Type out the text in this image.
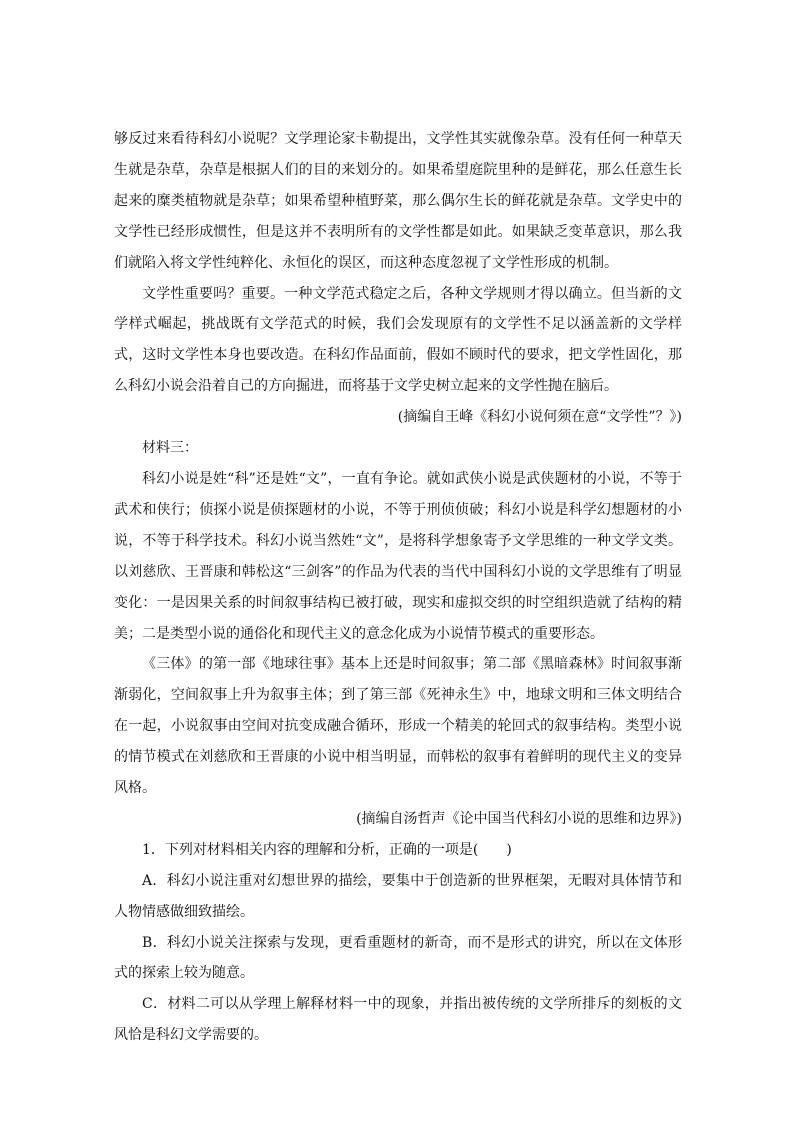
够反过来看待科幻小说呢？文学理论家卡勒提出，文学性其实就像杂草。没有任何一种草天生就是杂草，杂草是根据人们的目的来划分的。如果希望庭院里种的是鲜花，那么任意生长起来的糜类植物就是杂草；如果希望种植野菜，那么偶尔生长的鲜花就是杂草。文学史中的文学性已经形成惯性，但是这并不表明所有的文学性都是如此。如果缺乏变革意识，那么我们就陷入将文学性纯粹化、永恒化的误区，而这种态度忽视了文学性形成的机制。

文学性重要吗？重要。一种文学范式稳定之后，各种文学规则才得以确立。但当新的文学样式崛起，挑战既有文学范式的时候，我们会发现原有的文学性不足以涵盖新的文学样式，这时文学性本身也要改造。在科幻作品面前，假如不顾时代的要求，把文学性固化，那么科幻小说会沿着自己的方向掘进，而将基于文学史树立起来的文学性抛在脑后。

(摘编自王峰《科幻小说何须在意“文学性”？》)

材料三：

科幻小说是姓“科”还是姓“文”，一直有争论。就如武侠小说是武侠题材的小说，不等于武术和侠行；侦探小说是侦探题材的小说，不等于刑侦侦破；科幻小说是科学幻想题材的小说，不等于科学技术。科幻小说当然姓“文”，是将科学想象寄予文学思维的一种文学文类。以刘慈欣、王晋康和韩松这“三剑客”的作品为代表的当代中国科幻小说的文学思维有了明显变化：一是因果关系的时间叙事结构已被打破，现实和虚拟交织的时空组织造就了结构的精美；二是类型小说的通俗化和现代主义的意念化成为小说情节模式的重要形态。

《三体》的第一部《地球往事》基本上还是时间叙事；第二部《黑暗森林》时间叙事渐渐弱化，空间叙事上升为叙事主体；到了第三部《死神永生》中，地球文明和三体文明结合在一起，小说叙事由空间对抗变成融合循环，形成一个精美的轮回式的叙事结构。类型小说的情节模式在刘慈欣和王晋康的小说中相当明显，而韩松的叙事有着鲜明的现代主义的变异风格。

(摘编自汤哲声《论中国当代科幻小说的思维和边界》)

1．下列对材料相关内容的理解和分析，正确的一项是(　　)

A．科幻小说注重对幻想世界的描绘，要集中于创造新的世界框架，无暇对具体情节和人物情感做细致描绘。

B．科幻小说关注探索与发现，更看重题材的新奇，而不是形式的讲究，所以在文体形式的探索上较为随意。

C．材料二可以从学理上解释材料一中的现象，并指出被传统的文学所排斥的刻板的文风恰是科幻文学需要的。
